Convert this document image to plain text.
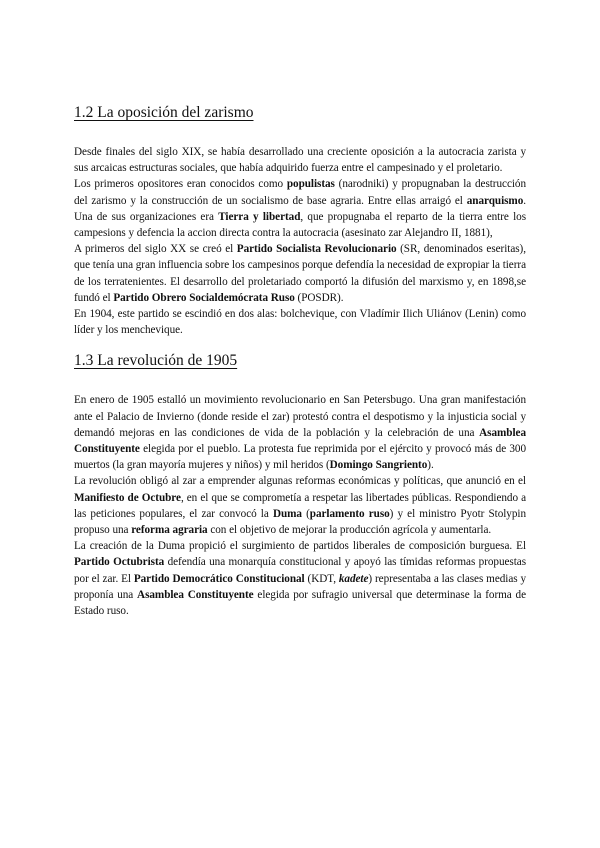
1.2 La oposición del zarismo

Desde finales del siglo XIX, se había desarrollado una creciente oposición a la autocracia zarista y sus arcaicas estructuras sociales, que había adquirido fuerza entre el campesinado y el proletario.

Los primeros opositores eran conocidos como populistas (narodniki) y propugnaban la destrucción del zarismo y la construcción de un socialismo de base agraria. Entre ellas arraigó el anarquismo. Una de sus organizaciones era Tierra y libertad, que propugnaba el reparto de la tierra entre los campesions y defencia la accion directa contra la autocracia (asesinato zar Alejandro II, 1881),

A primeros del siglo XX se creó el Partido Socialista Revolucionario (SR, denominados eseritas), que tenía una gran influencia sobre los campesinos porque defendía la necesidad de expropiar la tierra de los terratenientes. El desarrollo del proletariado comportó la difusión del marxismo y, en 1898,se fundó el Partido Obrero Socialdemócrata Ruso (POSDR).

En 1904, este partido se escindió en dos alas: bolchevique, con Vladímir Ilich Uliánov (Lenin) como líder y los menchevique.

1.3 La revolución de 1905

En enero de 1905 estalló un movimiento revolucionario en San Petersbugo. Una gran manifestación ante el Palacio de Invierno (donde reside el zar) protestó contra el despotismo y la injusticia social y demandó mejoras en las condiciones de vida de la población y la celebración de una Asamblea Constituyente elegida por el pueblo. La protesta fue reprimida por el ejército y provocó más de 300 muertos (la gran mayoría mujeres y niños) y mil heridos (Domingo Sangriento).

La revolución obligó al zar a emprender algunas reformas económicas y políticas, que anunció en el Manifiesto de Octubre, en el que se comprometía a respetar las libertades públicas. Respondiendo a las peticiones populares, el zar convocó la Duma (parlamento ruso) y el ministro Pyotr Stolypin propuso una reforma agraria con el objetivo de mejorar la producción agrícola y aumentarla.

La creación de la Duma propició el surgimiento de partidos liberales de composición burguesa. El Partido Octubrista defendía una monarquía constitucional y apoyó las tímidas reformas propuestas por el zar. El Partido Democrático Constitucional (KDT, kadete) representaba a las clases medias y proponía una Asamblea Constituyente elegida por sufragio universal que determinase la forma de Estado ruso.
